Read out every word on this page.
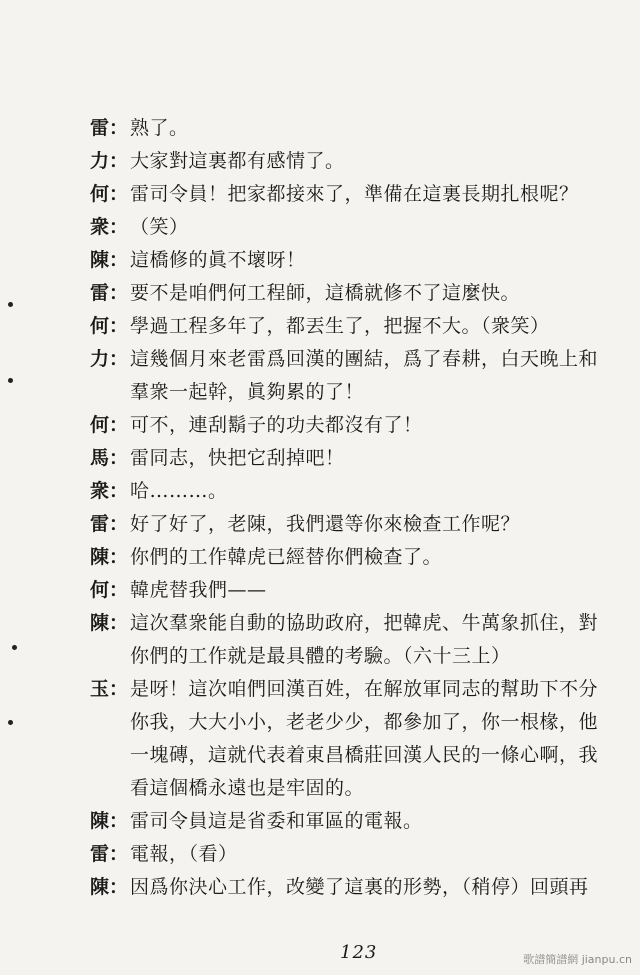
雷： 熟了。
力： 大家對這裏都有感情了。
何： 雷司令員！把家都接來了，準備在這裏長期扎根呢？
衆： （笑）
陳： 這橋修的眞不壞呀！
雷： 要不是咱們何工程師，這橋就修不了這麼快。
何： 學過工程多年了，都丟生了，把握不大。（衆笑）
力： 這幾個月來老雷爲回漢的團結，爲了春耕，白天晚上和
羣衆一起幹，眞夠累的了！
何： 可不，連刮鬍子的功夫都沒有了！
馬： 雷同志，快把它刮掉吧！
衆： 哈………。
雷： 好了好了，老陳，我們還等你來檢查工作呢？
陳： 你們的工作韓虎已經替你們檢查了。
何： 韓虎替我們——
陳： 這次羣衆能自動的協助政府，把韓虎、牛萬象抓住，對
你們的工作就是最具體的考驗。（六十三上）
玉： 是呀！這次咱們回漢百姓，在解放軍同志的幫助下不分
你我，大大小小，老老少少，都參加了，你一根椽，他
一塊磚，這就代表着東昌橋莊回漢人民的一條心啊，我
看這個橋永遠也是牢固的。
陳： 雷司令員這是省委和軍區的電報。
雷： 電報，（看）
陳： 因爲你決心工作，改變了這裏的形勢，（稍停）回頭再
123	歌譜簡譜網 jianpu.cn
